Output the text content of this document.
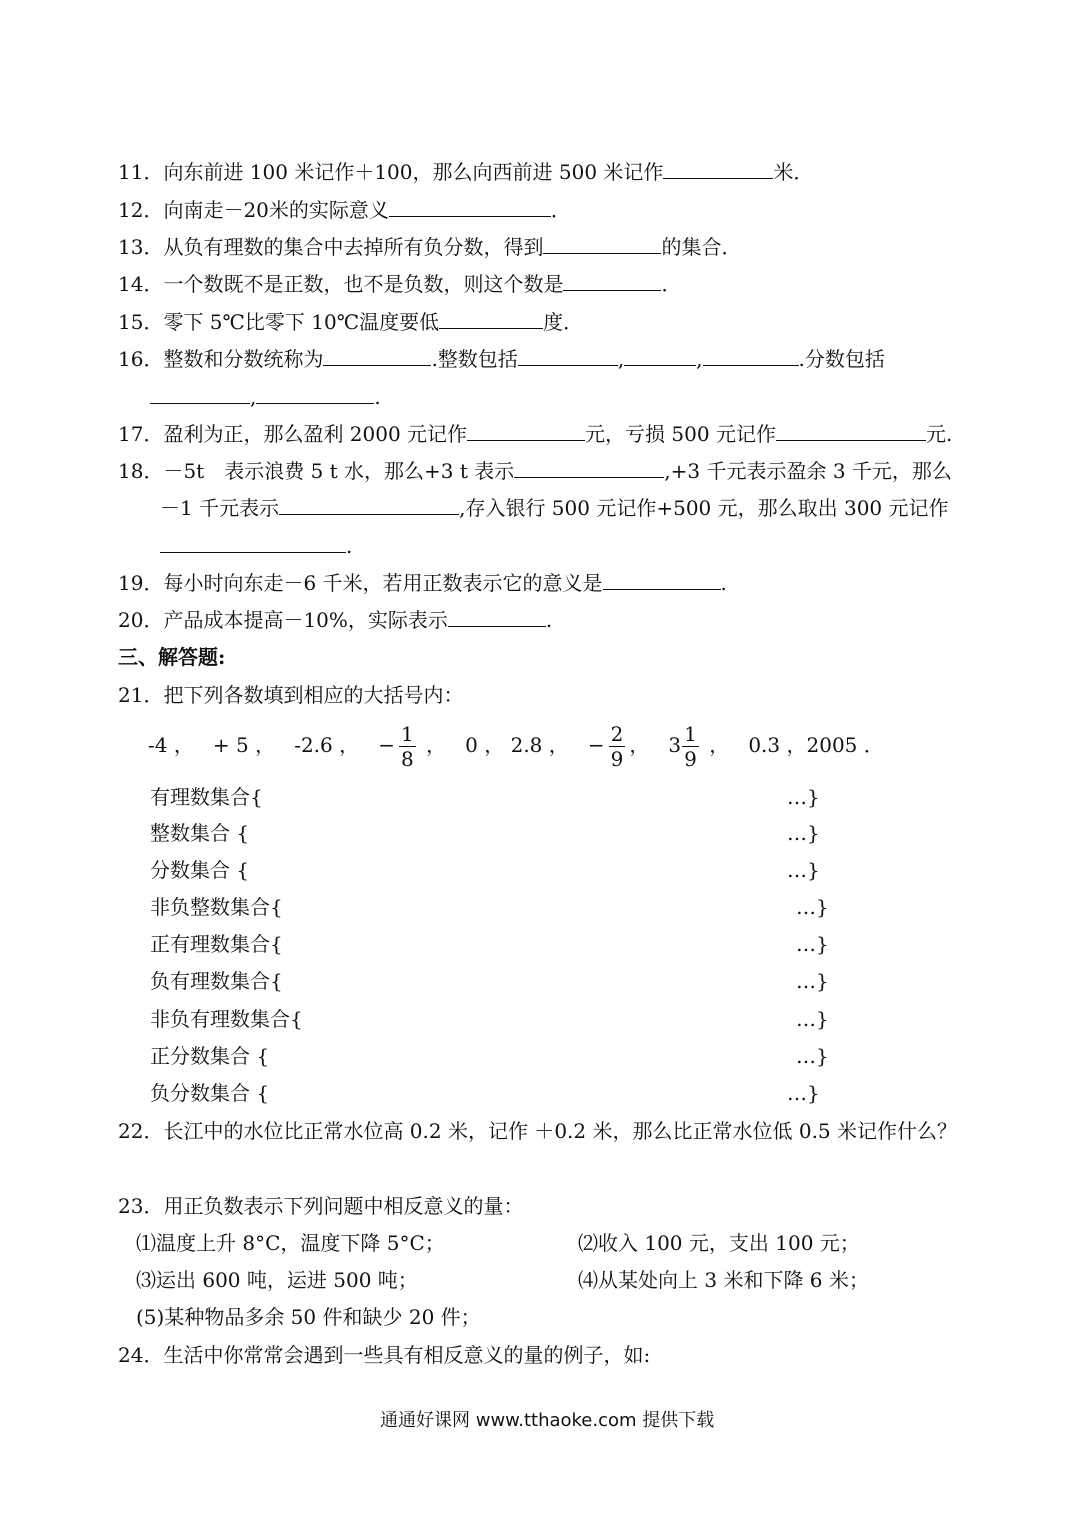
11．向东前进 100 米记作＋100，那么向西前进 500 米记作	米．
12．向南走－20米的实际意义	．
13．从负有理数的集合中去掉所有负分数，得到	的集合．
14．一个数既不是正数，也不是负数，则这个数是	．
15．零下 5℃比零下 10℃温度要低	度．
16．整数和分数统称为	.整数包括	,	,	.分数包括
,	.
17．盈利为正，那么盈利 2000 元记作	元，亏损 500 元记作	元.
18．－5t　表示浪费 5 t 水，那么+3 t 表示	,+3 千元表示盈余 3 千元，那么
－1 千元表示	,存入银行 500 元记作+500 元，那么取出 300 元记作
.
19．每小时向东走－6 千米，若用正数表示它的意义是	.
20．产品成本提高－10%，实际表示	.
三、解答题:
21．把下列各数填到相应的大括号内：
-4 ， + 5 ， -2.6 ， − $\frac{1}{8}$ ， 0 ， 2.8 ， − $\frac{2}{9}$ ， $3 \frac{1}{9}$ ， 0.3 ，2005 ．
有理数集合{	…}
整数集合 {	…}
分数集合 {	…}
非负整数集合{	…}
正有理数集合{	…}
负有理数集合{	…}
非负有理数集合{	…}
正分数集合 {	…}
负分数集合 {	…}
22．长江中的水位比正常水位高 0.2 米，记作 ＋0.2 米，那么比正常水位低 0.5 米记作什么？
23．用正负数表示下列问题中相反意义的量：
⑴温度上升 8°C，温度下降 5°C；	⑵收入 100 元，支出 100 元；
⑶运出 600 吨，运进 500 吨；	⑷从某处向上 3 米和下降 6 米；
(5)某种物品多余 50 件和缺少 20 件；
24．生活中你常常会遇到一些具有相反意义的量的例子，如:
通通好课网 www.tthaoke.com 提供下载
